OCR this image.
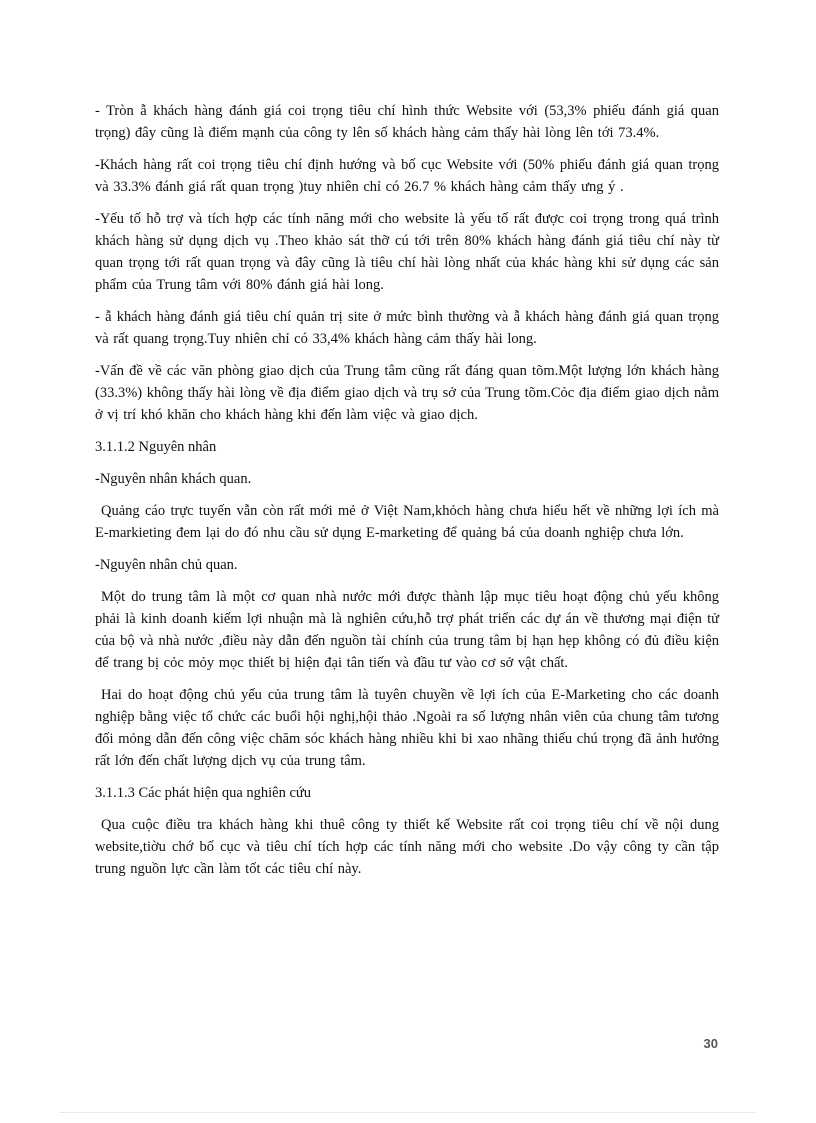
- Tròn ẫ khách hàng đánh giá coi trọng tiêu chí hình thức Website với (53,3% phiếu đánh giá quan trọng) đây cũng là điểm mạnh của công ty lên số khách hàng cảm thấy hài lòng lên tới 73.4%.

-Khách hàng rất coi trọng tiêu chí định hướng và bố cục Website với (50% phiếu đánh giá quan trọng và 33.3% đánh giá rất quan trọng )tuy nhiên chỉ có 26.7 % khách hàng cảm thấy ưng ý .

-Yếu tố hỗ trợ và tích hợp các tính năng mới cho website là yếu tố rất được coi trọng trong quá trình khách hàng sử dụng dịch vụ .Theo khảo sát thỡ cú tới trên 80% khách hàng đánh giá tiêu chí này từ quan trọng tới rất quan trọng và đây cũng là tiêu chí hài lòng nhất của khác hàng khi sử dụng các sản phẩm của Trung tâm với 80% đánh giá hài long.

- ẫ khách hàng đánh giá tiêu chí quản trị site ở mức bình thường và ẫ khách hàng đánh giá quan trọng và rất quang trọng.Tuy nhiên chỉ có 33,4% khách hàng cảm thấy hài long.

-Vấn đề về các văn phòng giao dịch của Trung tâm cũng rất đáng quan tõm.Một lượng lớn khách hàng (33.3%) không thấy hài lòng về địa điểm giao dịch và trụ sở của Trung tõm.Cỏc địa điểm giao dịch nằm ở vị trí khó khăn cho khách hàng khi đến làm việc và giao dịch.

3.1.1.2 Nguyên nhân

-Nguyên nhân khách quan.

Quảng cáo trực tuyến vẫn còn rất mới mẻ ở Việt Nam,khỏch hàng chưa hiểu hết về những lợi ích mà E-markieting đem lại do đó nhu cầu sử dụng E-marketing để quảng bá của doanh nghiệp chưa lớn.

-Nguyên nhân chủ quan.

Một do trung tâm là một cơ quan nhà nước mới được thành lập mục tiêu hoạt động chủ yếu không phải là kinh doanh kiếm lợi nhuận mà là nghiên cứu,hỗ trợ phát triển các dự án về thương mại điện tử của bộ và nhà nước ,điều này dẫn đến nguồn tài chính của trung tâm bị hạn hẹp không có đủ điều kiện để trang bị cỏc mỏy mọc thiết bị hiện đại tân tiến và đầu tư vào cơ sở vật chất.

Hai do hoạt động chủ yếu của trung tâm là tuyên chuyền về lợi ích của E-Marketing cho các doanh nghiệp bằng việc tổ chức các buổi hội nghị,hội thảo .Ngoài ra số lượng nhân viên của chung tâm tương đối mỏng dẫn đến công việc chăm sóc khách hàng nhiều khi bi xao nhãng thiếu chú trọng đã ảnh hưởng rất lớn đến chất lượng dịch vụ của trung tâm.

3.1.1.3 Các phát hiện qua nghiên cứu

Qua cuộc điều tra khách hàng khi thuê công ty thiết kế Website rất coi trọng tiêu chí về nội dung website,tiờu chớ bố cục và tiêu chí tích hợp các tính năng mới cho website .Do vậy công ty cần tập trung nguồn lực cần làm tốt các tiêu chí này.

30
